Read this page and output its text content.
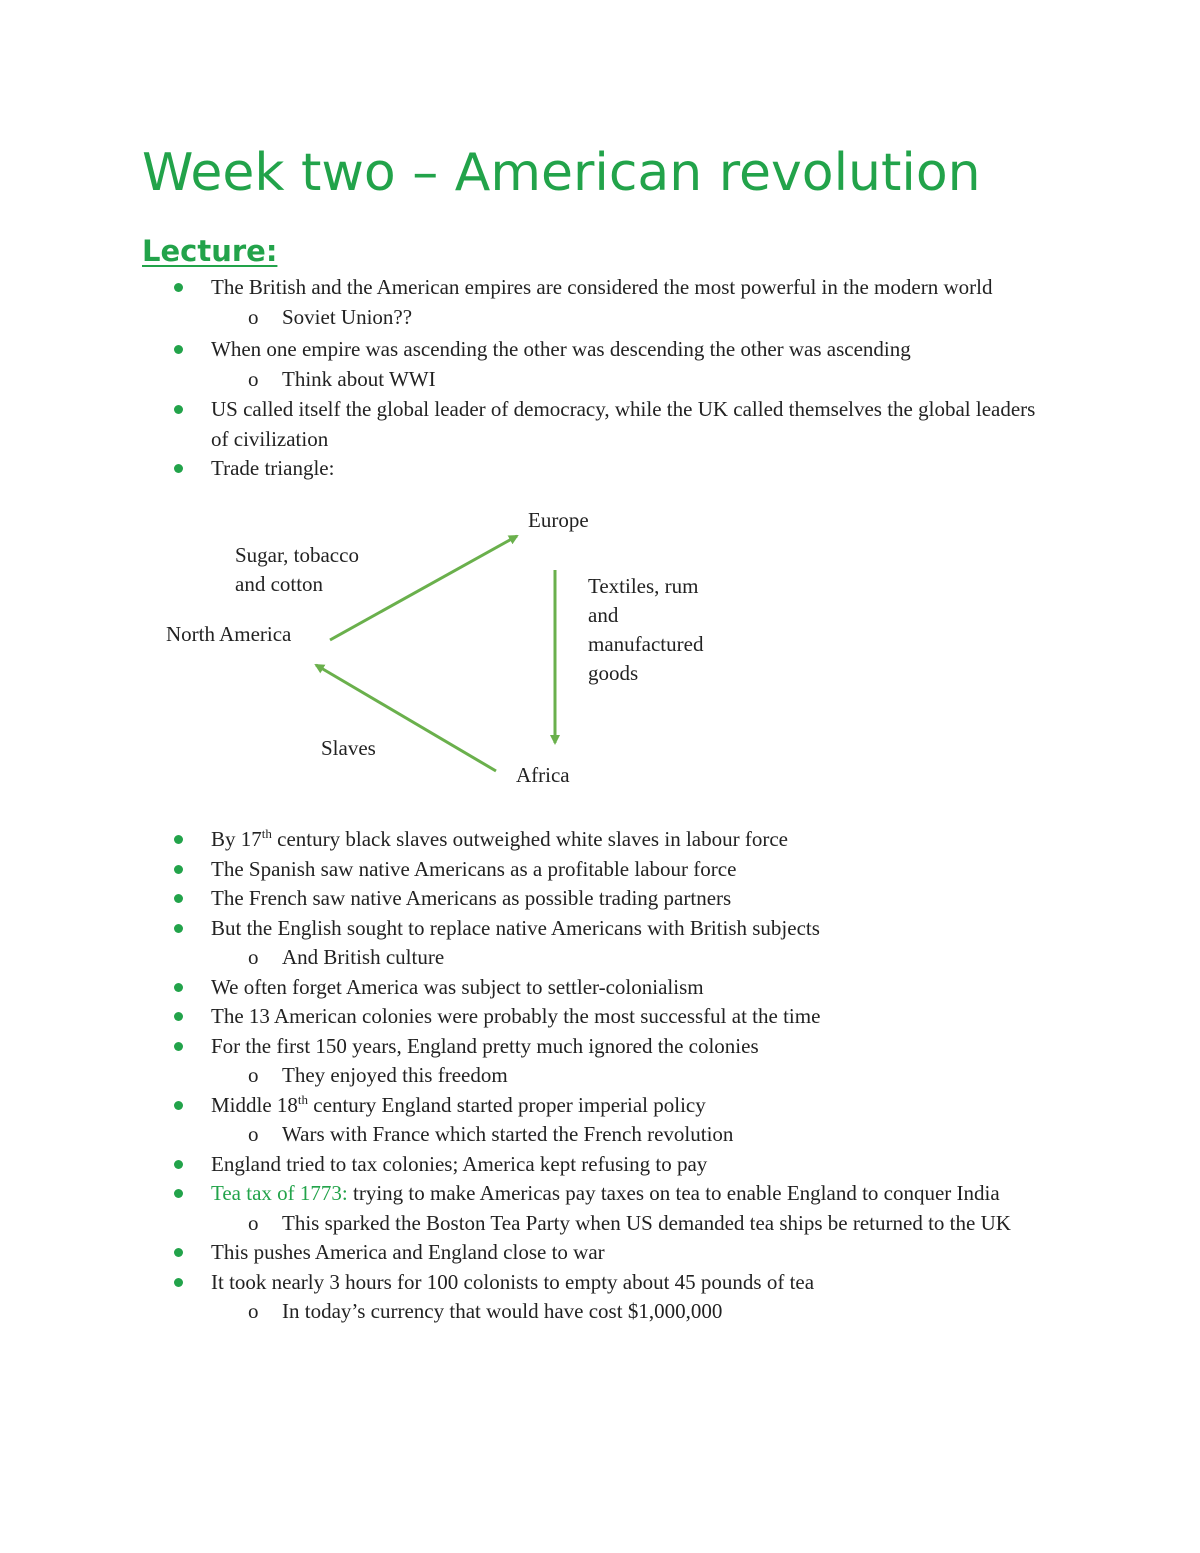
Week two – American revolution
Lecture:
The British and the American empires are considered the most powerful in the modern world
o Soviet Union??
When one empire was ascending the other was descending the other was ascending
o Think about WWI
US called itself the global leader of democracy, while the UK called themselves the global leaders of civilization
Trade triangle:
Europe
North America
Africa
Sugar, tobacco
and cotton	Textiles, rum
and
manufactured
goods
Slaves
By 17th century black slaves outweighed white slaves in labour force
The Spanish saw native Americans as a profitable labour force
The French saw native Americans as possible trading partners
But the English sought to replace native Americans with British subjects
o And British culture
We often forget America was subject to settler-colonialism
The 13 American colonies were probably the most successful at the time
For the first 150 years, England pretty much ignored the colonies
o They enjoyed this freedom
Middle 18th century England started proper imperial policy
o Wars with France which started the French revolution
England tried to tax colonies; America kept refusing to pay
Tea tax of 1773: trying to make Americas pay taxes on tea to enable England to conquer India
o This sparked the Boston Tea Party when US demanded tea ships be returned to the UK
This pushes America and England close to war
It took nearly 3 hours for 100 colonists to empty about 45 pounds of tea
o In today’s currency that would have cost $1,000,000
